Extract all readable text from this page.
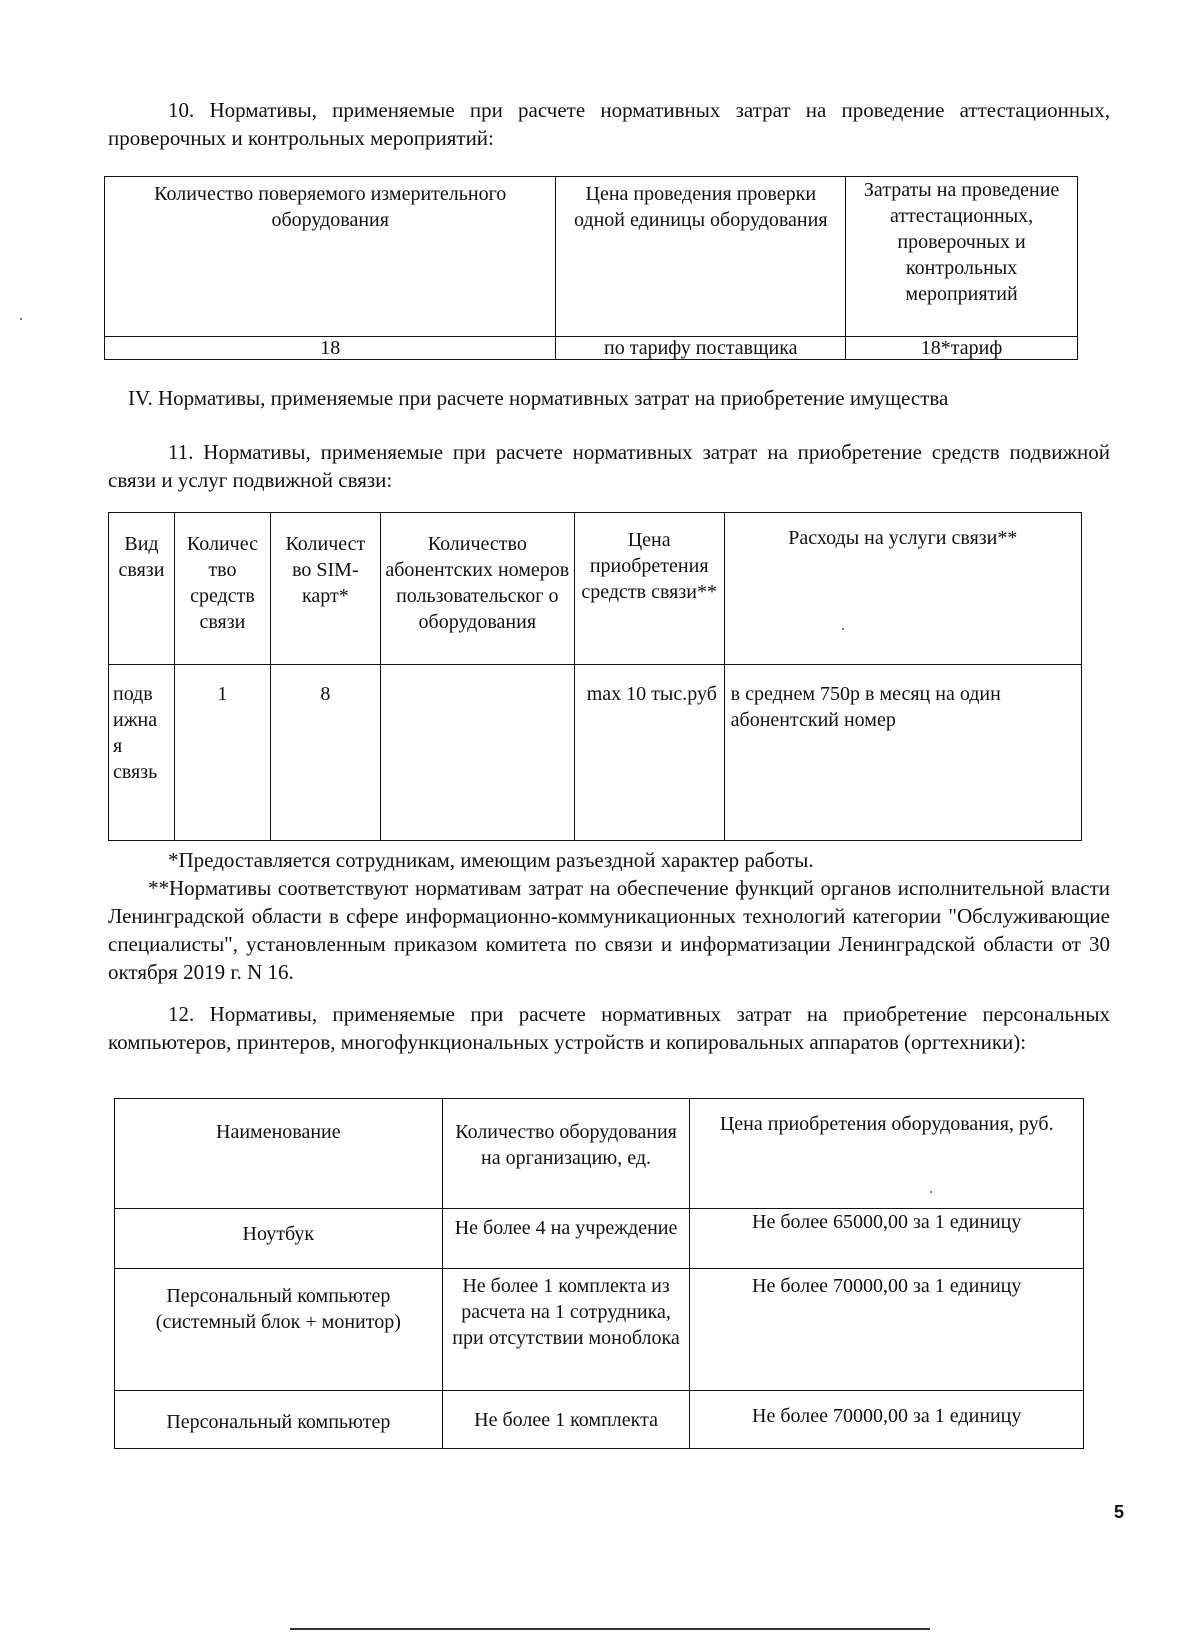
10. Нормативы, применяемые при расчете нормативных затрат на проведение аттестационных, проверочных и контрольных мероприятий:

Количество поверяемого измерительного оборудования	Цена проведения проверки одной единицы оборудования	Затраты на проведение аттестационных, проверочных и контрольных мероприятий
18	по тарифу поставщика	18*тариф

IV. Нормативы, применяемые при расчете нормативных затрат на приобретение имущества

11. Нормативы, применяемые при расчете нормативных затрат на приобретение средств подвижной связи и услуг подвижной связи:

Вид связи	Количес тво средств связи	Количест во SIM-карт*	Количество абонентских номеров пользовательског о оборудования	Цена приобретения средств связи**	Расходы на услуги связи**
подв ижна я связь	1	8		max 10 тыс.руб	в среднем 750р в месяц на один абонентский номер

*Предоставляется сотрудникам, имеющим разъездной характер работы.

**Нормативы соответствуют нормативам затрат на обеспечение функций органов исполнительной власти Ленинградской области в сфере информационно-коммуникационных технологий категории "Обслуживающие специалисты", установленным приказом комитета по связи и информатизации Ленинградской области от 30 октября 2019 г. N 16.

12. Нормативы, применяемые при расчете нормативных затрат на приобретение персональных компьютеров, принтеров, многофункциональных устройств и копировальных аппаратов (оргтехники):

Наименование	Количество оборудования на организацию, ед.	Цена приобретения оборудования, руб.
Ноутбук	Не более 4 на учреждение	Не более 65000,00 за 1 единицу
Персональный компьютер (системный блок + монитор)	Не более 1 комплекта из расчета на 1 сотрудника, при отсутствии моноблока	Не более 70000,00 за 1 единицу
Персональный компьютер	Не более 1 комплекта	Не более 70000,00 за 1 единицу
5
